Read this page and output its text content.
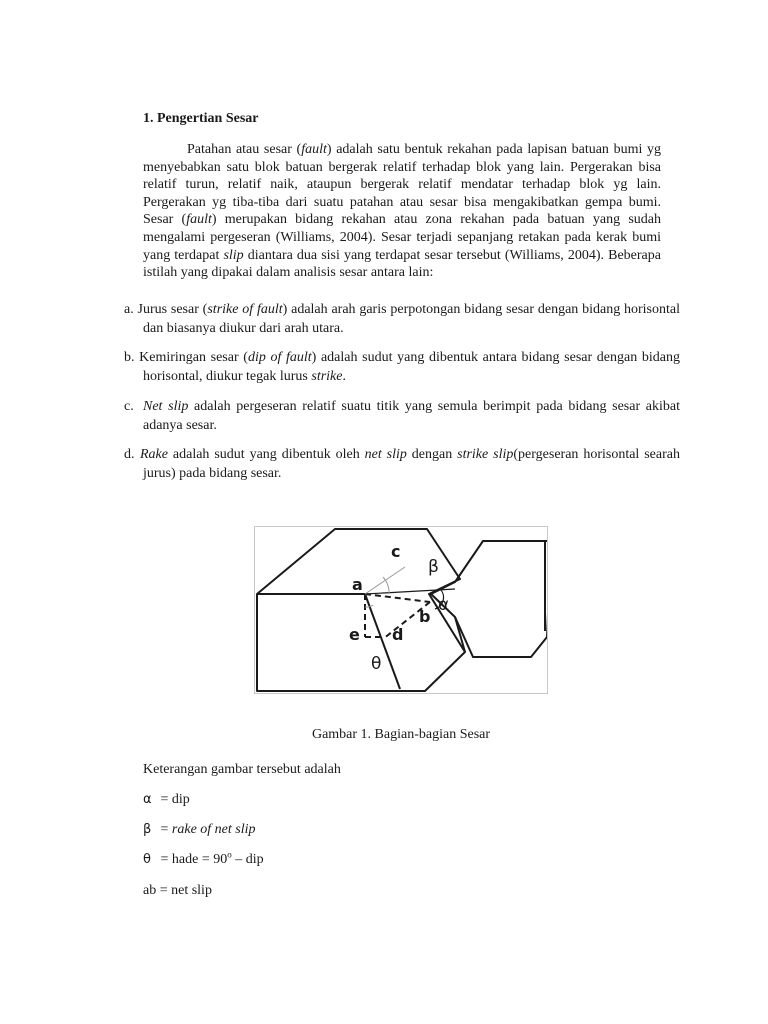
1. Pengertian Sesar

Patahan atau sesar (fault) adalah satu bentuk rekahan pada lapisan batuan bumi yg menyebabkan satu blok batuan bergerak relatif terhadap blok yang lain. Pergerakan bisa relatif turun, relatif naik, ataupun bergerak relatif mendatar terhadap blok yg lain. Pergerakan yg tiba-tiba dari suatu patahan atau sesar bisa mengakibatkan gempa bumi. Sesar (fault) merupakan bidang rekahan atau zona rekahan pada batuan yang sudah mengalami pergeseran (Williams, 2004). Sesar terjadi sepanjang retakan pada kerak bumi yang terdapat slip diantara dua sisi yang terdapat sesar tersebut (Williams, 2004). Beberapa istilah yang dipakai dalam analisis sesar antara lain:

a. Jurus sesar (strike of fault) adalah arah garis perpotongan bidang sesar dengan bidang horisontal dan biasanya diukur dari arah utara.

b. Kemiringan sesar (dip of fault) adalah sudut yang dibentuk antara bidang sesar dengan bidang horisontal, diukur tegak lurus strike.

c. Net slip adalah pergeseran relatif suatu titik yang semula berimpit pada bidang sesar akibat adanya sesar.

d. Rake adalah sudut yang dibentuk oleh net slip dengan strike slip(pergeseran horisontal searah jurus) pada bidang sesar.

a
b
c
d
e
β
α
θ
Gambar 1. Bagian-bagian Sesar
Keterangan gambar tersebut adalah
α = dip
β = rake of net slip
θ = hade = $90^o$ – dip
ab = net slip
